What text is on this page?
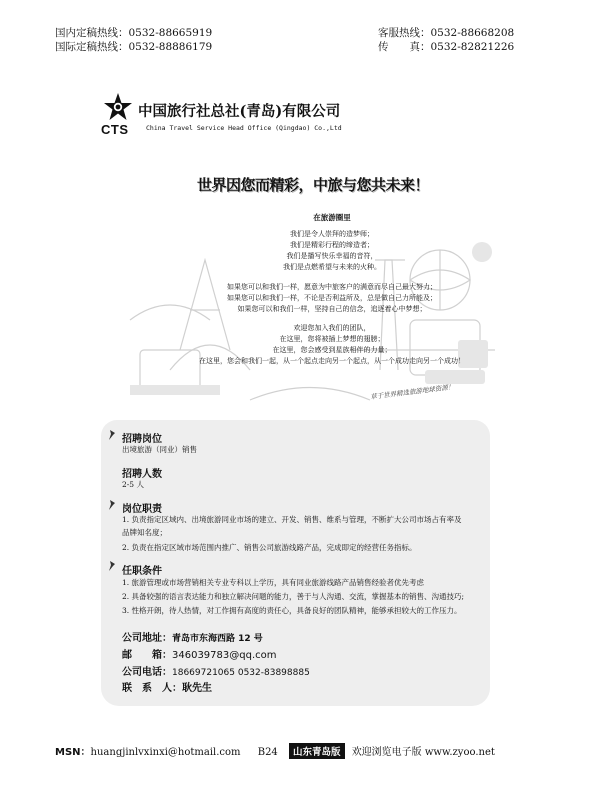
国内定稿热线：0532-88665919
国际定稿热线：0532-88886179
客服热线：0532-88668208
传　　真：0532-82821226
CTS
中国旅行社总社(青岛)有限公司
China Travel Service Head Office (Qingdao) Co.,Ltd
世界因您而精彩，中旅与您共未来！
在旅游圈里
我们是令人崇拜的造梦师；
我们是精彩行程的缔造者；
我们是播写快乐幸福的音符，
我们是点燃希望与未来的火种。
如果您可以和我们一样，愿意为中旅客户的满意而尽自己最大努力；
如果您可以和我们一样，不论是否利益所及，总是做自己力所能及；
如果您可以和我们一样，坚持自己的信念，追逐着心中梦想；
欢迎您加入我们的团队，
在这里，您将被插上梦想的翅膀；
在这里，您会感受到星族相伴的力量；
在这里，您会和我们一起，从一个起点走向另一个起点，从一个成功走向另一个成功！
草于世界精选旅游地球资源！
招聘岗位
出境旅游（同业）销售
招聘人数
2-5 人
岗位职责
1. 负责指定区域内、出境旅游同业市场的建立、开发、销售、维系与管理，不断扩大公司市场占有率及
品牌知名度；
2. 负责在指定区域市场范围内推广、销售公司旅游线路产品，完成即定的经营任务指标。
任职条件
1. 旅游管理或市场营销相关专业专科以上学历，具有同业旅游线路产品销售经验者优先考虑
2. 具备较强的语言表达能力和独立解决问题的能力，善于与人沟通、交流，掌握基本的销售、沟通技巧;
3. 性格开朗，待人热情，对工作拥有高度的责任心，具备良好的团队精神，能够承担较大的工作压力。
公司地址：青岛市东海西路 12 号
邮　　箱：346039783@qq.com
公司电话：18669721065 0532-83898885
联　系　人：耿先生
MSN：huangjinlvxinxi@hotmail.com B24 山东青岛版 欢迎浏览电子版 www.zyoo.net
